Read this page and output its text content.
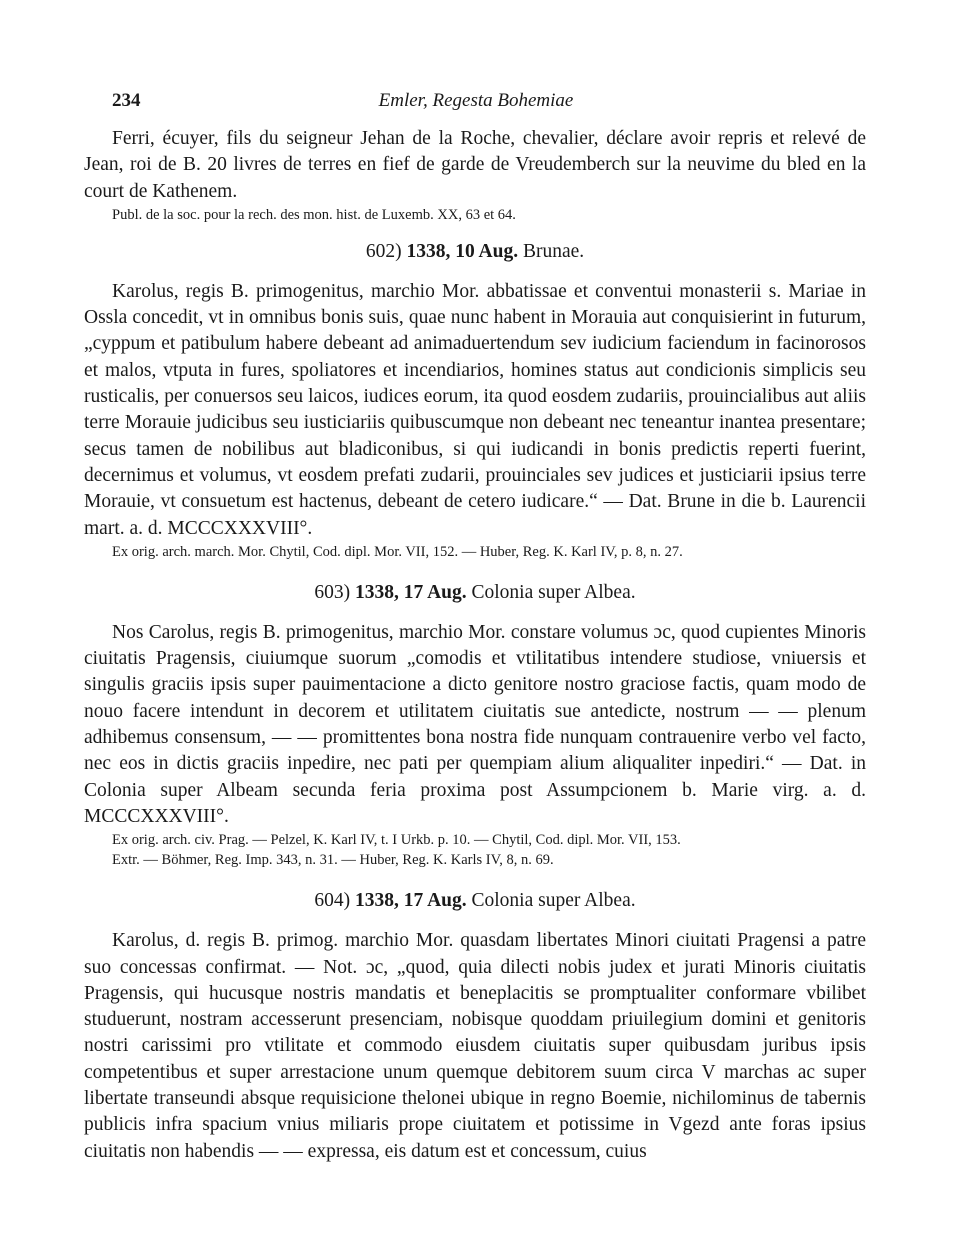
234	Emler, Regesta Bohemiae

Ferri, écuyer, fils du seigneur Jehan de la Roche, chevalier, déclare avoir repris et relevé de Jean, roi de B. 20 livres de terres en fief de garde de Vreudemberch sur la neuvime du bled en la court de Kathenem.

Publ. de la soc. pour la rech. des mon. hist. de Luxemb. XX, 63 et 64.

602) 1338, 10 Aug. Brunae.

Karolus, regis B. primogenitus, marchio Mor. abbatissae et conventui monasterii s. Mariae in Ossla concedit, vt in omnibus bonis suis, quae nunc habent in Morauia aut conquisierint in futurum, „cyppum et patibulum habere debeant ad animaduertendum sev iudicium faciendum in facinorosos et malos, vtputa in fures, spoliatores et incendiarios, homines status aut condicionis simplicis seu rusticalis, per conuersos seu laicos, iudices eorum, ita quod eosdem zudariis, prouincialibus aut aliis terre Morauie judicibus seu iusticiariis quibuscumque non debeant nec teneantur inantea presentare; secus tamen de nobilibus aut bladiconibus, si qui iudicandi in bonis predictis reperti fuerint, decernimus et volumus, vt eosdem prefati zudarii, prouinciales sev judices et justiciarii ipsius terre Morauie, vt consuetum est hactenus, debeant de cetero iudicare.“ — Dat. Brune in die b. Laurencii mart. a. d. MCCCXXXVIII°.

Ex orig. arch. march. Mor. Chytil, Cod. dipl. Mor. VII, 152. — Huber, Reg. K. Karl IV, p. 8, n. 27.

603) 1338, 17 Aug. Colonia super Albea.

Nos Carolus, regis B. primogenitus, marchio Mor. constare volumus ɔc, quod cupientes Minoris ciuitatis Pragensis, ciuiumque suorum „comodis et vtilitatibus intendere studiose, vniuersis et singulis graciis ipsis super pauimentacione a dicto genitore nostro graciose factis, quam modo de nouo facere intendunt in decorem et utilitatem ciuitatis sue antedicte, nostrum — — plenum adhibemus consensum, — — promittentes bona nostra fide nunquam contrauenire verbo vel facto, nec eos in dictis graciis inpedire, nec pati per quempiam alium aliqualiter inpediri.“ — Dat. in Colonia super Albeam secunda feria proxima post Assumpcionem b. Marie virg. a. d. MCCCXXXVIII°.

Ex orig. arch. civ. Prag. — Pelzel, K. Karl IV, t. I Urkb. p. 10. — Chytil, Cod. dipl. Mor. VII, 153.

Extr. — Böhmer, Reg. Imp. 343, n. 31. — Huber, Reg. K. Karls IV, 8, n. 69.

604) 1338, 17 Aug. Colonia super Albea.

Karolus, d. regis B. primog. marchio Mor. quasdam libertates Minori ciuitati Pragensi a patre suo concessas confirmat. — Not. ɔc, „quod, quia dilecti nobis judex et jurati Minoris ciuitatis Pragensis, qui hucusque nostris mandatis et beneplacitis se promptualiter conformare vbilibet studuerunt, nostram accesserunt presenciam, nobisque quoddam priuilegium domini et genitoris nostri carissimi pro vtilitate et commodo eiusdem ciuitatis super quibusdam juribus ipsis competentibus et super arrestacione unum quemque debitorem suum circa V marchas ac super libertate transeundi absque requisicione thelonei ubique in regno Boemie, nichilominus de tabernis publicis infra spacium vnius miliaris prope ciuitatem et potissime in Vgezd ante foras ipsius ciuitatis non habendis — — expressa, eis datum est et concessum, cuius
